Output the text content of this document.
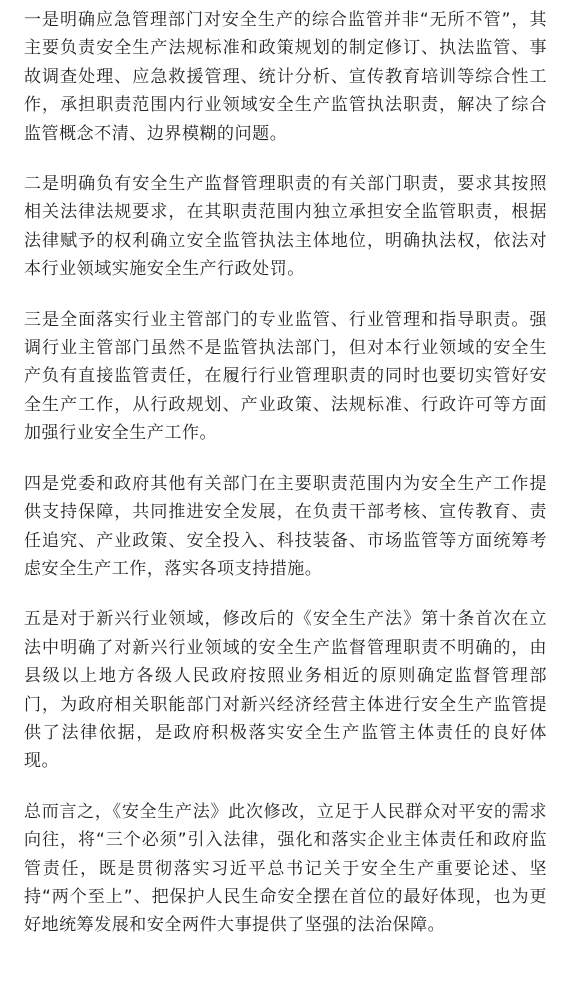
一是明确应急管理部门对安全生产的综合监管并非“无所不管”，其主要负责安全生产法规标准和政策规划的制定修订、执法监管、事故调查处理、应急救援管理、统计分析、宣传教育培训等综合性工作，承担职责范围内行业领域安全生产监管执法职责，解决了综合监管概念不清、边界模糊的问题。

二是明确负有安全生产监督管理职责的有关部门职责，要求其按照相关法律法规要求，在其职责范围内独立承担安全监管职责，根据法律赋予的权利确立安全监管执法主体地位，明确执法权，依法对本行业领域实施安全生产行政处罚。

三是全面落实行业主管部门的专业监管、行业管理和指导职责。强调行业主管部门虽然不是监管执法部门，但对本行业领域的安全生产负有直接监管责任，在履行行业管理职责的同时也要切实管好安全生产工作，从行政规划、产业政策、法规标准、行政许可等方面加强行业安全生产工作。

四是党委和政府其他有关部门在主要职责范围内为安全生产工作提供支持保障，共同推进安全发展，在负责干部考核、宣传教育、责任追究、产业政策、安全投入、科技装备、市场监管等方面统筹考虑安全生产工作，落实各项支持措施。

五是对于新兴行业领域，修改后的《安全生产法》第十条首次在立法中明确了对新兴行业领域的安全生产监督管理职责不明确的，由县级以上地方各级人民政府按照业务相近的原则确定监督管理部门，为政府相关职能部门对新兴经济经营主体进行安全生产监管提供了法律依据，是政府积极落实安全生产监管主体责任的良好体现。

总而言之，《安全生产法》此次修改，立足于人民群众对平安的需求向往，将“三个必须”引入法律，强化和落实企业主体责任和政府监管责任，既是贯彻落实习近平总书记关于安全生产重要论述、坚持“两个至上”、把保护人民生命安全摆在首位的最好体现，也为更好地统筹发展和安全两件大事提供了坚强的法治保障。
